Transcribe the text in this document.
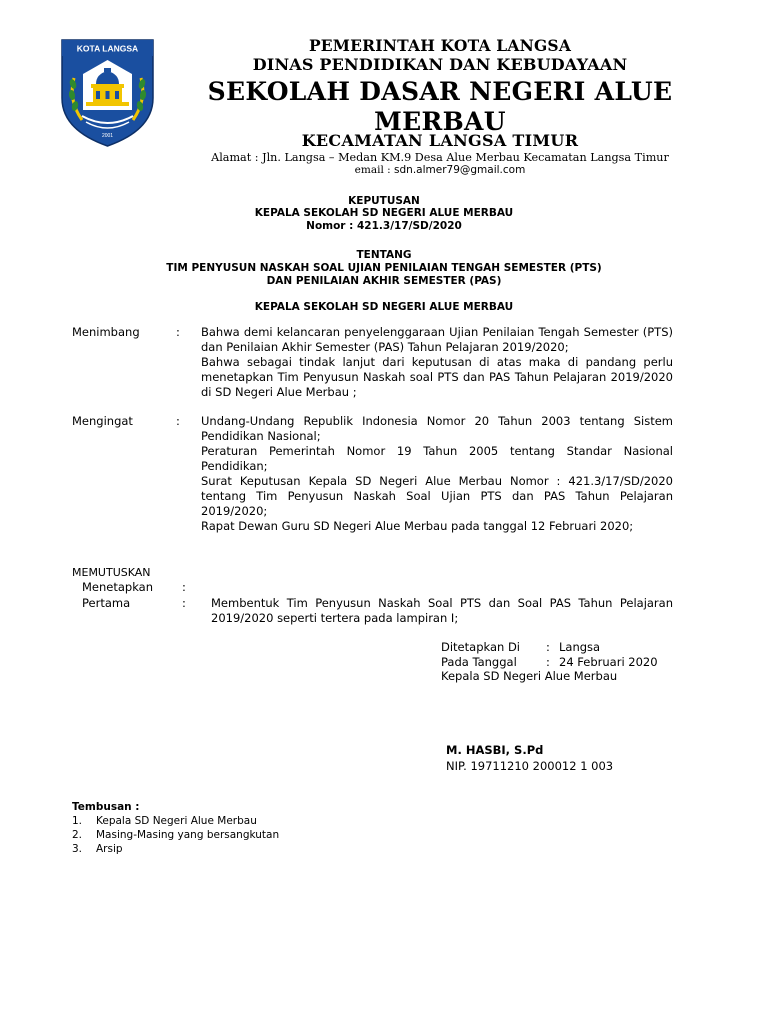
KOTA LANGSA
2001
PEMERINTAH KOTA LANGSA
DINAS PENDIDIKAN DAN KEBUDAYAAN
SEKOLAH DASAR NEGERI ALUE MERBAU
KECAMATAN LANGSA TIMUR
Alamat : Jln. Langsa – Medan KM.9 Desa Alue Merbau Kecamatan Langsa Timur
email : sdn.almer79@gmail.com
KEPUTUSAN
KEPALA SEKOLAH SD NEGERI ALUE MERBAU
Nomor : 421.3/17/SD/2020
TENTANG
TIM PENYUSUN NASKAH SOAL UJIAN PENILAIAN TENGAH SEMESTER (PTS)
DAN PENILAIAN AKHIR SEMESTER (PAS)
KEPALA SEKOLAH SD NEGERI ALUE MERBAU
Menimbang	: Bahwa demi kelancaran penyelenggaraan Ujian Penilaian Tengah Semester (PTS) dan Penilaian Akhir Semester (PAS) Tahun Pelajaran 2019/2020;
Bahwa sebagai tindak lanjut dari keputusan di atas maka di pandang perlu menetapkan Tim Penyusun Naskah soal PTS dan PAS Tahun Pelajaran 2019/2020 di SD Negeri Alue Merbau ;
Mengingat	: Undang-Undang Republik Indonesia Nomor 20 Tahun 2003 tentang Sistem Pendidikan Nasional;
Peraturan Pemerintah Nomor 19 Tahun 2005 tentang Standar Nasional Pendidikan;
Surat Keputusan Kepala SD Negeri Alue Merbau Nomor : 421.3/17/SD/2020 tentang Tim Penyusun Naskah Soal Ujian PTS dan PAS Tahun Pelajaran 2019/2020;
Rapat Dewan Guru SD Negeri Alue Merbau pada tanggal 12 Februari 2020;
MEMUTUSKAN
Menetapkan	:
Pertama	: Membentuk Tim Penyusun Naskah Soal PTS dan Soal PAS Tahun Pelajaran 2019/2020 seperti tertera pada lampiran I;
Ditetapkan Di : Langsa
Pada Tanggal	: 24 Februari 2020
Kepala SD Negeri Alue Merbau
M. HASBI, S.Pd
NIP. 19711210 200012 1 003
Tembusan :
1. Kepala SD Negeri Alue Merbau
2. Masing-Masing yang bersangkutan
3. Arsip
